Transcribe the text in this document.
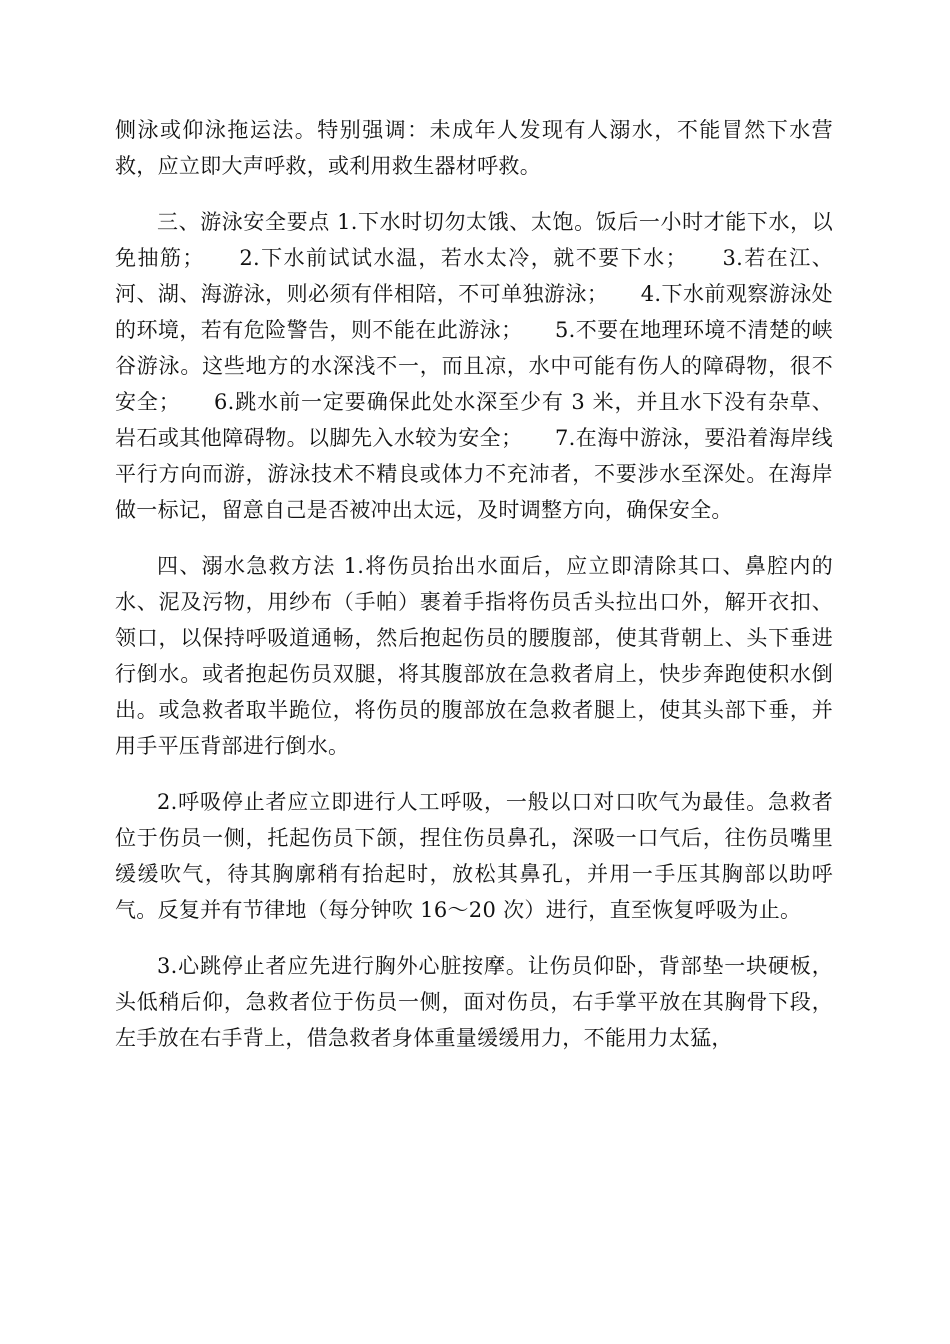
侧泳或仰泳拖运法。特别强调：未成年人发现有人溺水，不能冒然下水营救，应立即大声呼救，或利用救生器材呼救。

三、游泳安全要点 1.下水时切勿太饿、太饱。饭后一小时才能下水，以免抽筋；　　2.下水前试试水温，若水太冷，就不要下水；　　3.若在江、河、湖、海游泳，则必须有伴相陪，不可单独游泳；　　4.下水前观察游泳处的环境，若有危险警告，则不能在此游泳；　　5.不要在地理环境不清楚的峡谷游泳。这些地方的水深浅不一，而且凉，水中可能有伤人的障碍物，很不安全；　　6.跳水前一定要确保此处水深至少有 3 米，并且水下没有杂草、岩石或其他障碍物。以脚先入水较为安全；　　7.在海中游泳，要沿着海岸线平行方向而游，游泳技术不精良或体力不充沛者，不要涉水至深处。在海岸做一标记，留意自己是否被冲出太远，及时调整方向，确保安全。

四、溺水急救方法 1.将伤员抬出水面后，应立即清除其口、鼻腔内的水、泥及污物，用纱布（手帕）裹着手指将伤员舌头拉出口外，解开衣扣、领口，以保持呼吸道通畅，然后抱起伤员的腰腹部，使其背朝上、头下垂进行倒水。或者抱起伤员双腿，将其腹部放在急救者肩上，快步奔跑使积水倒出。或急救者取半跪位，将伤员的腹部放在急救者腿上，使其头部下垂，并用手平压背部进行倒水。

2.呼吸停止者应立即进行人工呼吸，一般以口对口吹气为最佳。急救者位于伤员一侧，托起伤员下颌，捏住伤员鼻孔，深吸一口气后，往伤员嘴里缓缓吹气，待其胸廓稍有抬起时，放松其鼻孔，并用一手压其胸部以助呼气。反复并有节律地（每分钟吹 16～20 次）进行，直至恢复呼吸为止。

3.心跳停止者应先进行胸外心脏按摩。让伤员仰卧，背部垫一块硬板，头低稍后仰，急救者位于伤员一侧，面对伤员，右手掌平放在其胸骨下段，左手放在右手背上，借急救者身体重量缓缓用力，不能用力太猛，
